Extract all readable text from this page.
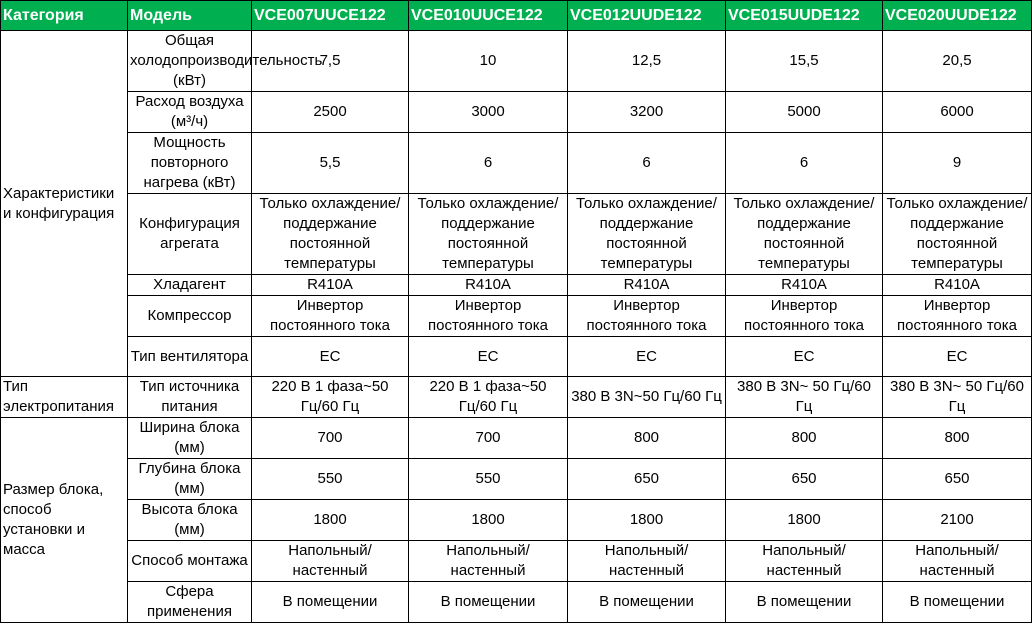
Категория	Модель	VCE007UUCE122	VCE010UUCE122	VCE012UUDE122	VCE015UUDE122	VCE020UUDE122
Характеристики и конфигурация	Общая холодопроизводительность (кВт)	7,5	10	12,5	15,5	20,5
	Расход воздуха (м³/ч)	2500	3000	3200	5000	6000
	Мощность повторного нагрева (кВт)	5,5	6	6	6	9
	Конфигурация агрегата	Только охлаждение/поддержание постоянной температуры	Только охлаждение/поддержание постоянной температуры	Только охлаждение/поддержание постоянной температуры	Только охлаждение/поддержание постоянной температуры	Только охлаждение/поддержание постоянной температуры
	Хладагент	R410A	R410A	R410A	R410A	R410A
	Компрессор	Инвертор постоянного тока	Инвертор постоянного тока	Инвертор постоянного тока	Инвертор постоянного тока	Инвертор постоянного тока
	Тип вентилятора	EC	EC	EC	EC	EC
Тип электропитания	Тип источника питания	220 В 1 фаза~50 Гц/60 Гц	220 В 1 фаза~50 Гц/60 Гц	380 В 3N~50 Гц/60 Гц	380 В 3N~ 50 Гц/60 Гц	380 В 3N~ 50 Гц/60 Гц
Размер блока, способ установки и масса	Ширина блока (мм)	700	700	800	800	800
	Глубина блока (мм)	550	550	650	650	650
	Высота блока (мм)	1800	1800	1800	1800	2100
	Способ монтажа	Напольный/настенный	Напольный/настенный	Напольный/настенный	Напольный/настенный	Напольный/настенный
	Сфера применения	В помещении	В помещении	В помещении	В помещении	В помещении
